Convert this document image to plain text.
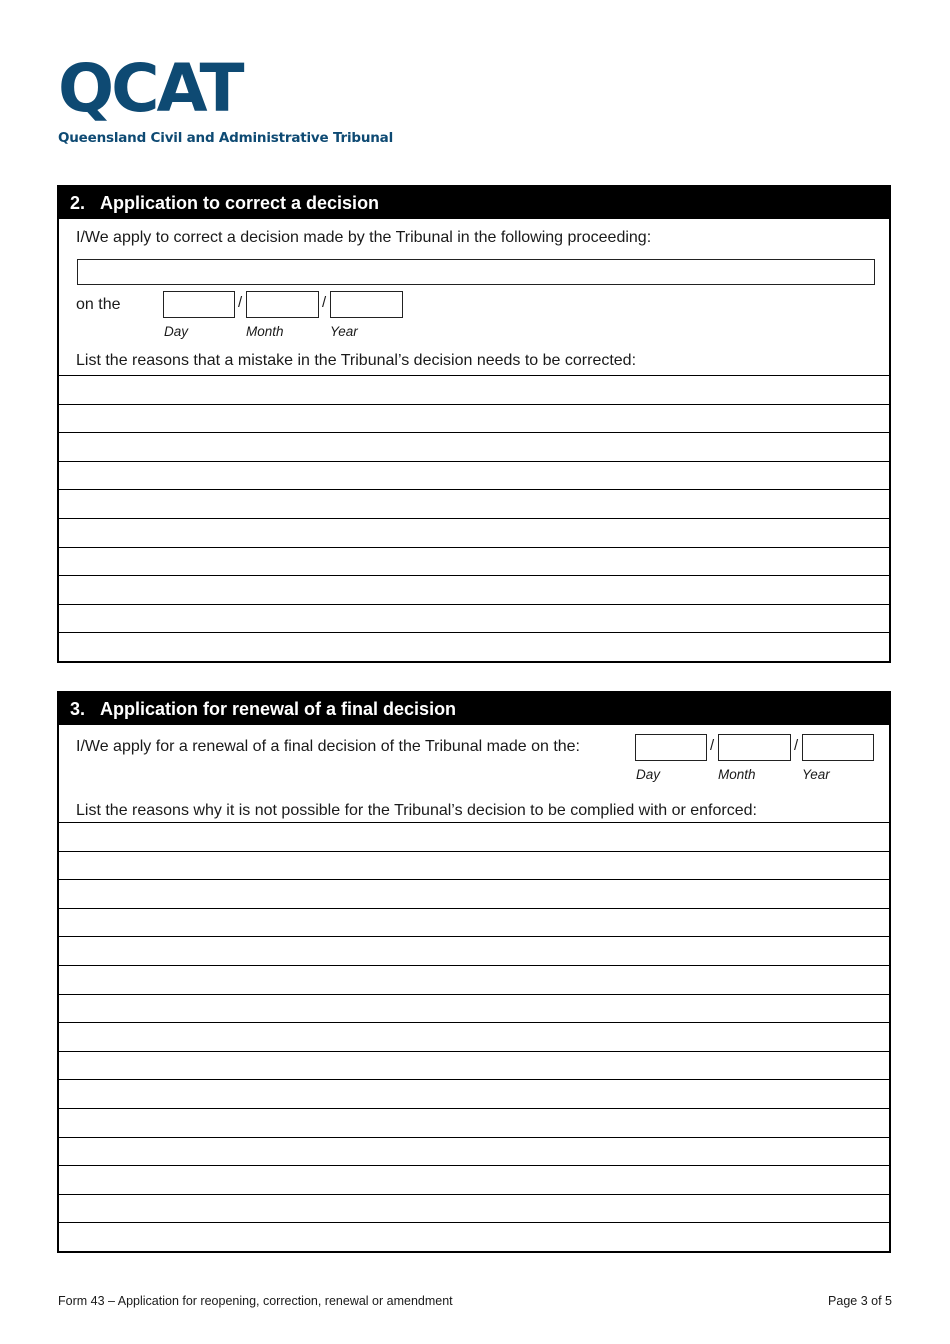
QCAT
Queensland Civil and Administrative Tribunal
2. Application to correct a decision
I/We apply to correct a decision made by the Tribunal in the following proceeding:
on the	/	/
Day	Month	Year
List the reasons that a mistake in the Tribunal’s decision needs to be corrected:
3. Application for renewal of a final decision
I/We apply for a renewal of a final decision of the Tribunal made on the:	/	/
Day	Month	Year
List the reasons why it is not possible for the Tribunal’s decision to be complied with or enforced:
Form 43 – Application for reopening, correction, renewal or amendment	Page 3 of 5
